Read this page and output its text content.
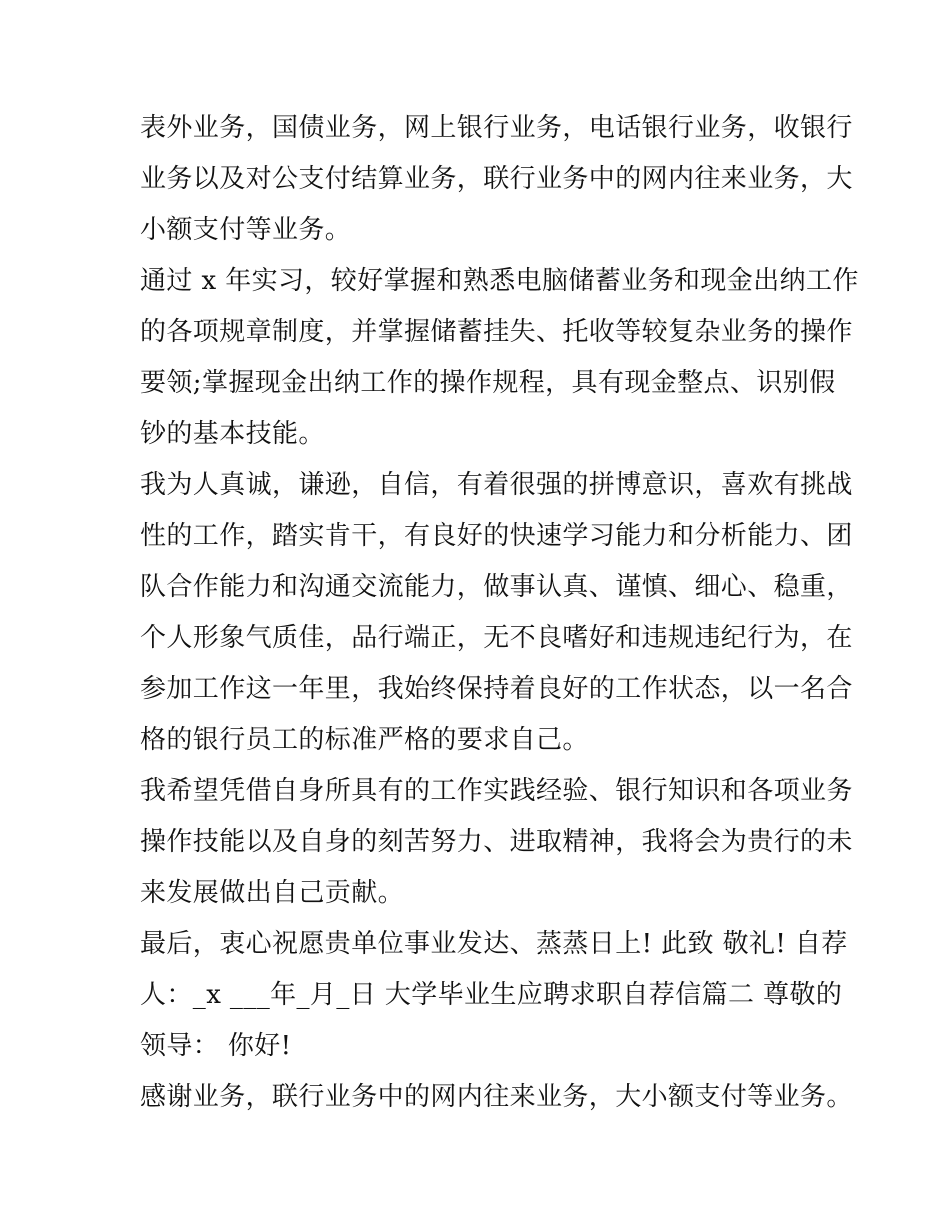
表外业务，国债业务，网上银行业务，电话银行业务，收银行
业务以及对公支付结算业务，联行业务中的网内往来业务，大
小额支付等业务。
通过 x 年实习，较好掌握和熟悉电脑储蓄业务和现金出纳工作
的各项规章制度，并掌握储蓄挂失、托收等较复杂业务的操作
要领;掌握现金出纳工作的操作规程，具有现金整点、识别假
钞的基本技能。
我为人真诚，谦逊，自信，有着很强的拼博意识，喜欢有挑战
性的工作，踏实肯干，有良好的快速学习能力和分析能力、团
队合作能力和沟通交流能力，做事认真、谨慎、细心、稳重，
个人形象气质佳，品行端正，无不良嗜好和违规违纪行为，在
参加工作这一年里，我始终保持着良好的工作状态，以一名合
格的银行员工的标准严格的要求自己。
我希望凭借自身所具有的工作实践经验、银行知识和各项业务
操作技能以及自身的刻苦努力、进取精神，我将会为贵行的未
来发展做出自己贡献。
最后，衷心祝愿贵单位事业发达、蒸蒸日上! 此致 敬礼! 自荐
人：_x ___年_月_日 大学毕业生应聘求职自荐信篇二 尊敬的
领导： 你好!
感谢业务，联行业务中的网内往来业务，大小额支付等业务。
